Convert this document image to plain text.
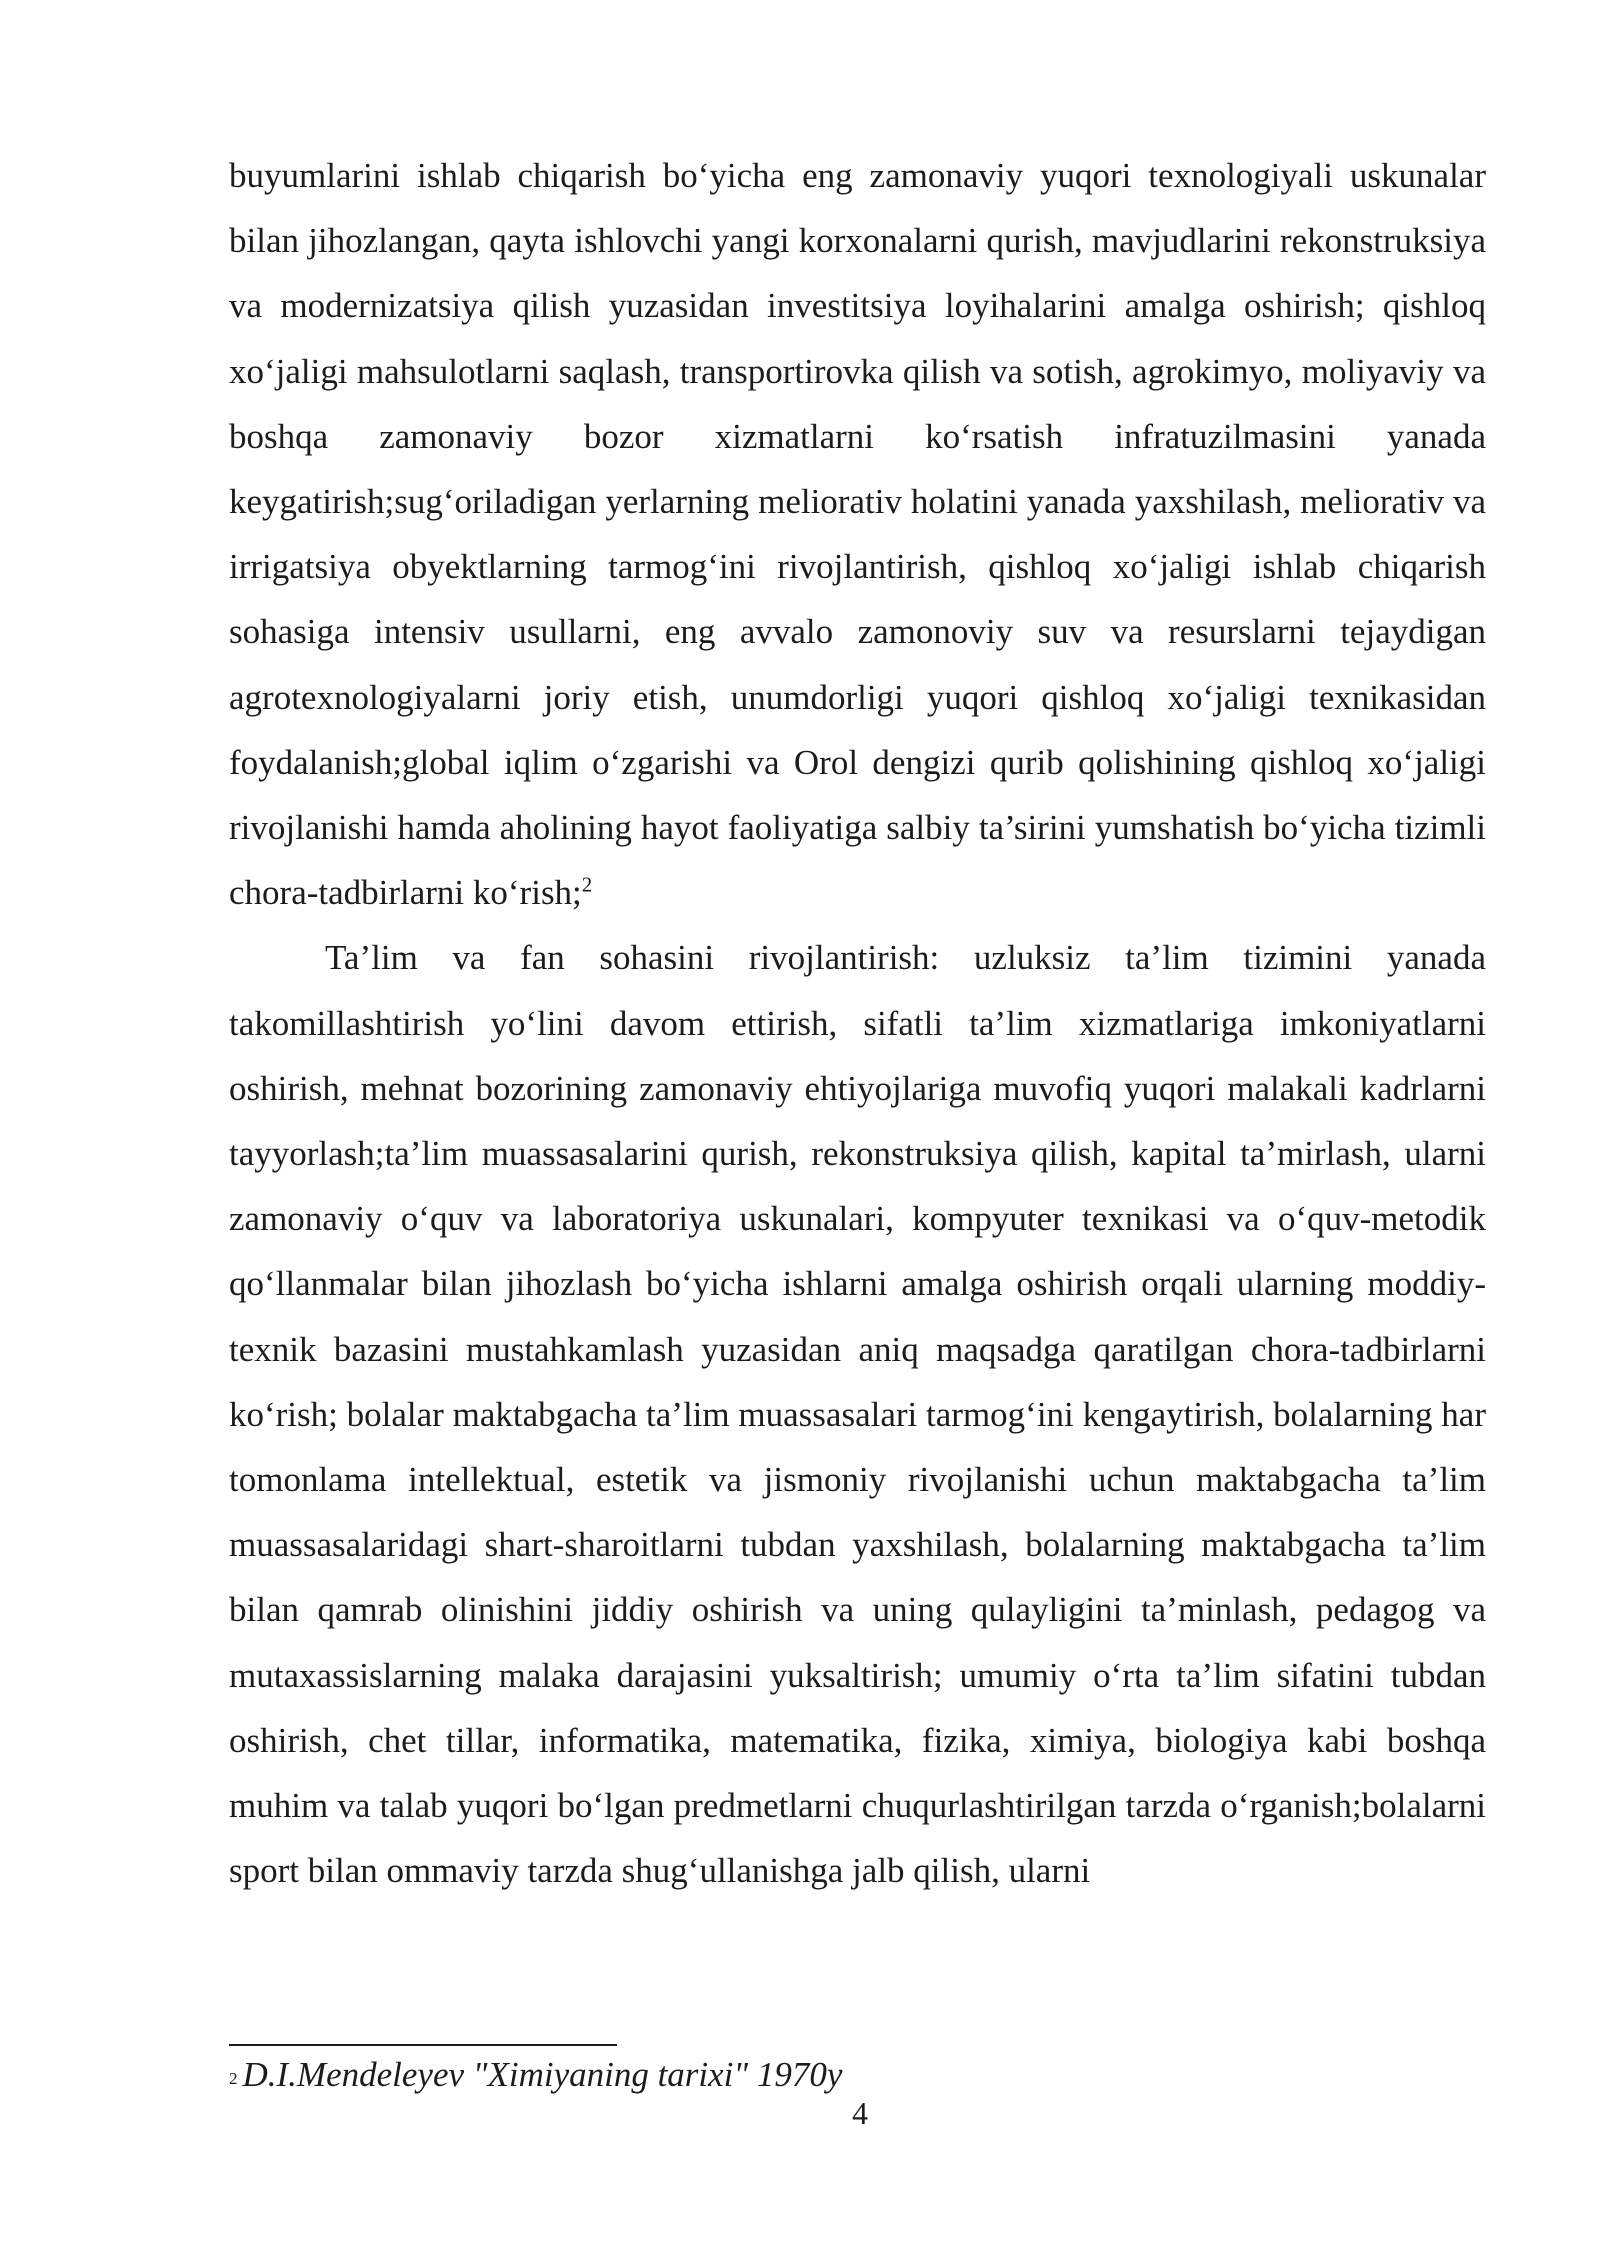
buyumlarini ishlab chiqarish bo‘yicha eng zamonaviy yuqori texnologiyali uskunalar bilan jihozlangan, qayta ishlovchi yangi korxonalarni qurish, mavjudlarini rekonstruksiya va modernizatsiya qilish yuzasidan investitsiya loyihalarini amalga oshirish; qishloq xo‘jaligi mahsulotlarni saqlash, transportirovka qilish va sotish, agrokimyo, moliyaviy va boshqa zamonaviy bozor xizmatlarni ko‘rsatish infratuzilmasini yanada keygatirish;sug‘oriladigan yerlarning meliorativ holatini yanada yaxshilash, meliorativ va irrigatsiya obyektlarning tarmog‘ini rivojlantirish, qishloq xo‘jaligi ishlab chiqarish sohasiga intensiv usullarni, eng avvalo zamonoviy suv va resurslarni tejaydigan agrotexnologiyalarni joriy etish, unumdorligi yuqori qishloq xo‘jaligi texnikasidan foydalanish;global iqlim o‘zgarishi va Orol dengizi qurib qolishining qishloq xo‘jaligi rivojlanishi hamda aholining hayot faoliyatiga salbiy ta’sirini yumshatish bo‘yicha tizimli chora-tadbirlarni ko‘rish;$^2$

Ta’lim va fan sohasini rivojlantirish: uzluksiz ta’lim tizimini yanada takomillashtirish yo‘lini davom ettirish, sifatli ta’lim xizmatlariga imkoniyatlarni oshirish, mehnat bozorining zamonaviy ehtiyojlariga muvofiq yuqori malakali kadrlarni tayyorlash;ta’lim muassasalarini qurish, rekonstruksiya qilish, kapital ta’mirlash, ularni zamonaviy o‘quv va laboratoriya uskunalari, kompyuter texnikasi va o‘quv-metodik qo‘llanmalar bilan jihozlash bo‘yicha ishlarni amalga oshirish orqali ularning moddiy-texnik bazasini mustahkamlash yuzasidan aniq maqsadga qaratilgan chora-tadbirlarni ko‘rish; bolalar maktabgacha ta’lim muassasalari tarmog‘ini kengaytirish, bolalarning har tomonlama intellektual, estetik va jismoniy rivojlanishi uchun maktabgacha ta’lim muassasalaridagi shart-sharoitlarni tubdan yaxshilash, bolalarning maktabgacha ta’lim bilan qamrab olinishini jiddiy oshirish va uning qulayligini ta’minlash, pedagog va mutaxassislarning malaka darajasini yuksaltirish; umumiy o‘rta ta’lim sifatini tubdan oshirish, chet tillar, informatika, matematika, fizika, ximiya, biologiya kabi boshqa muhim va talab yuqori bo‘lgan predmetlarni chuqurlashtirilgan tarzda o‘rganish;bolalarni sport bilan ommaviy tarzda shug‘ullanishga jalb qilish, ularni

$^2$ D.I.Mendeleyev "Ximiyaning tarixi" 1970y
4
